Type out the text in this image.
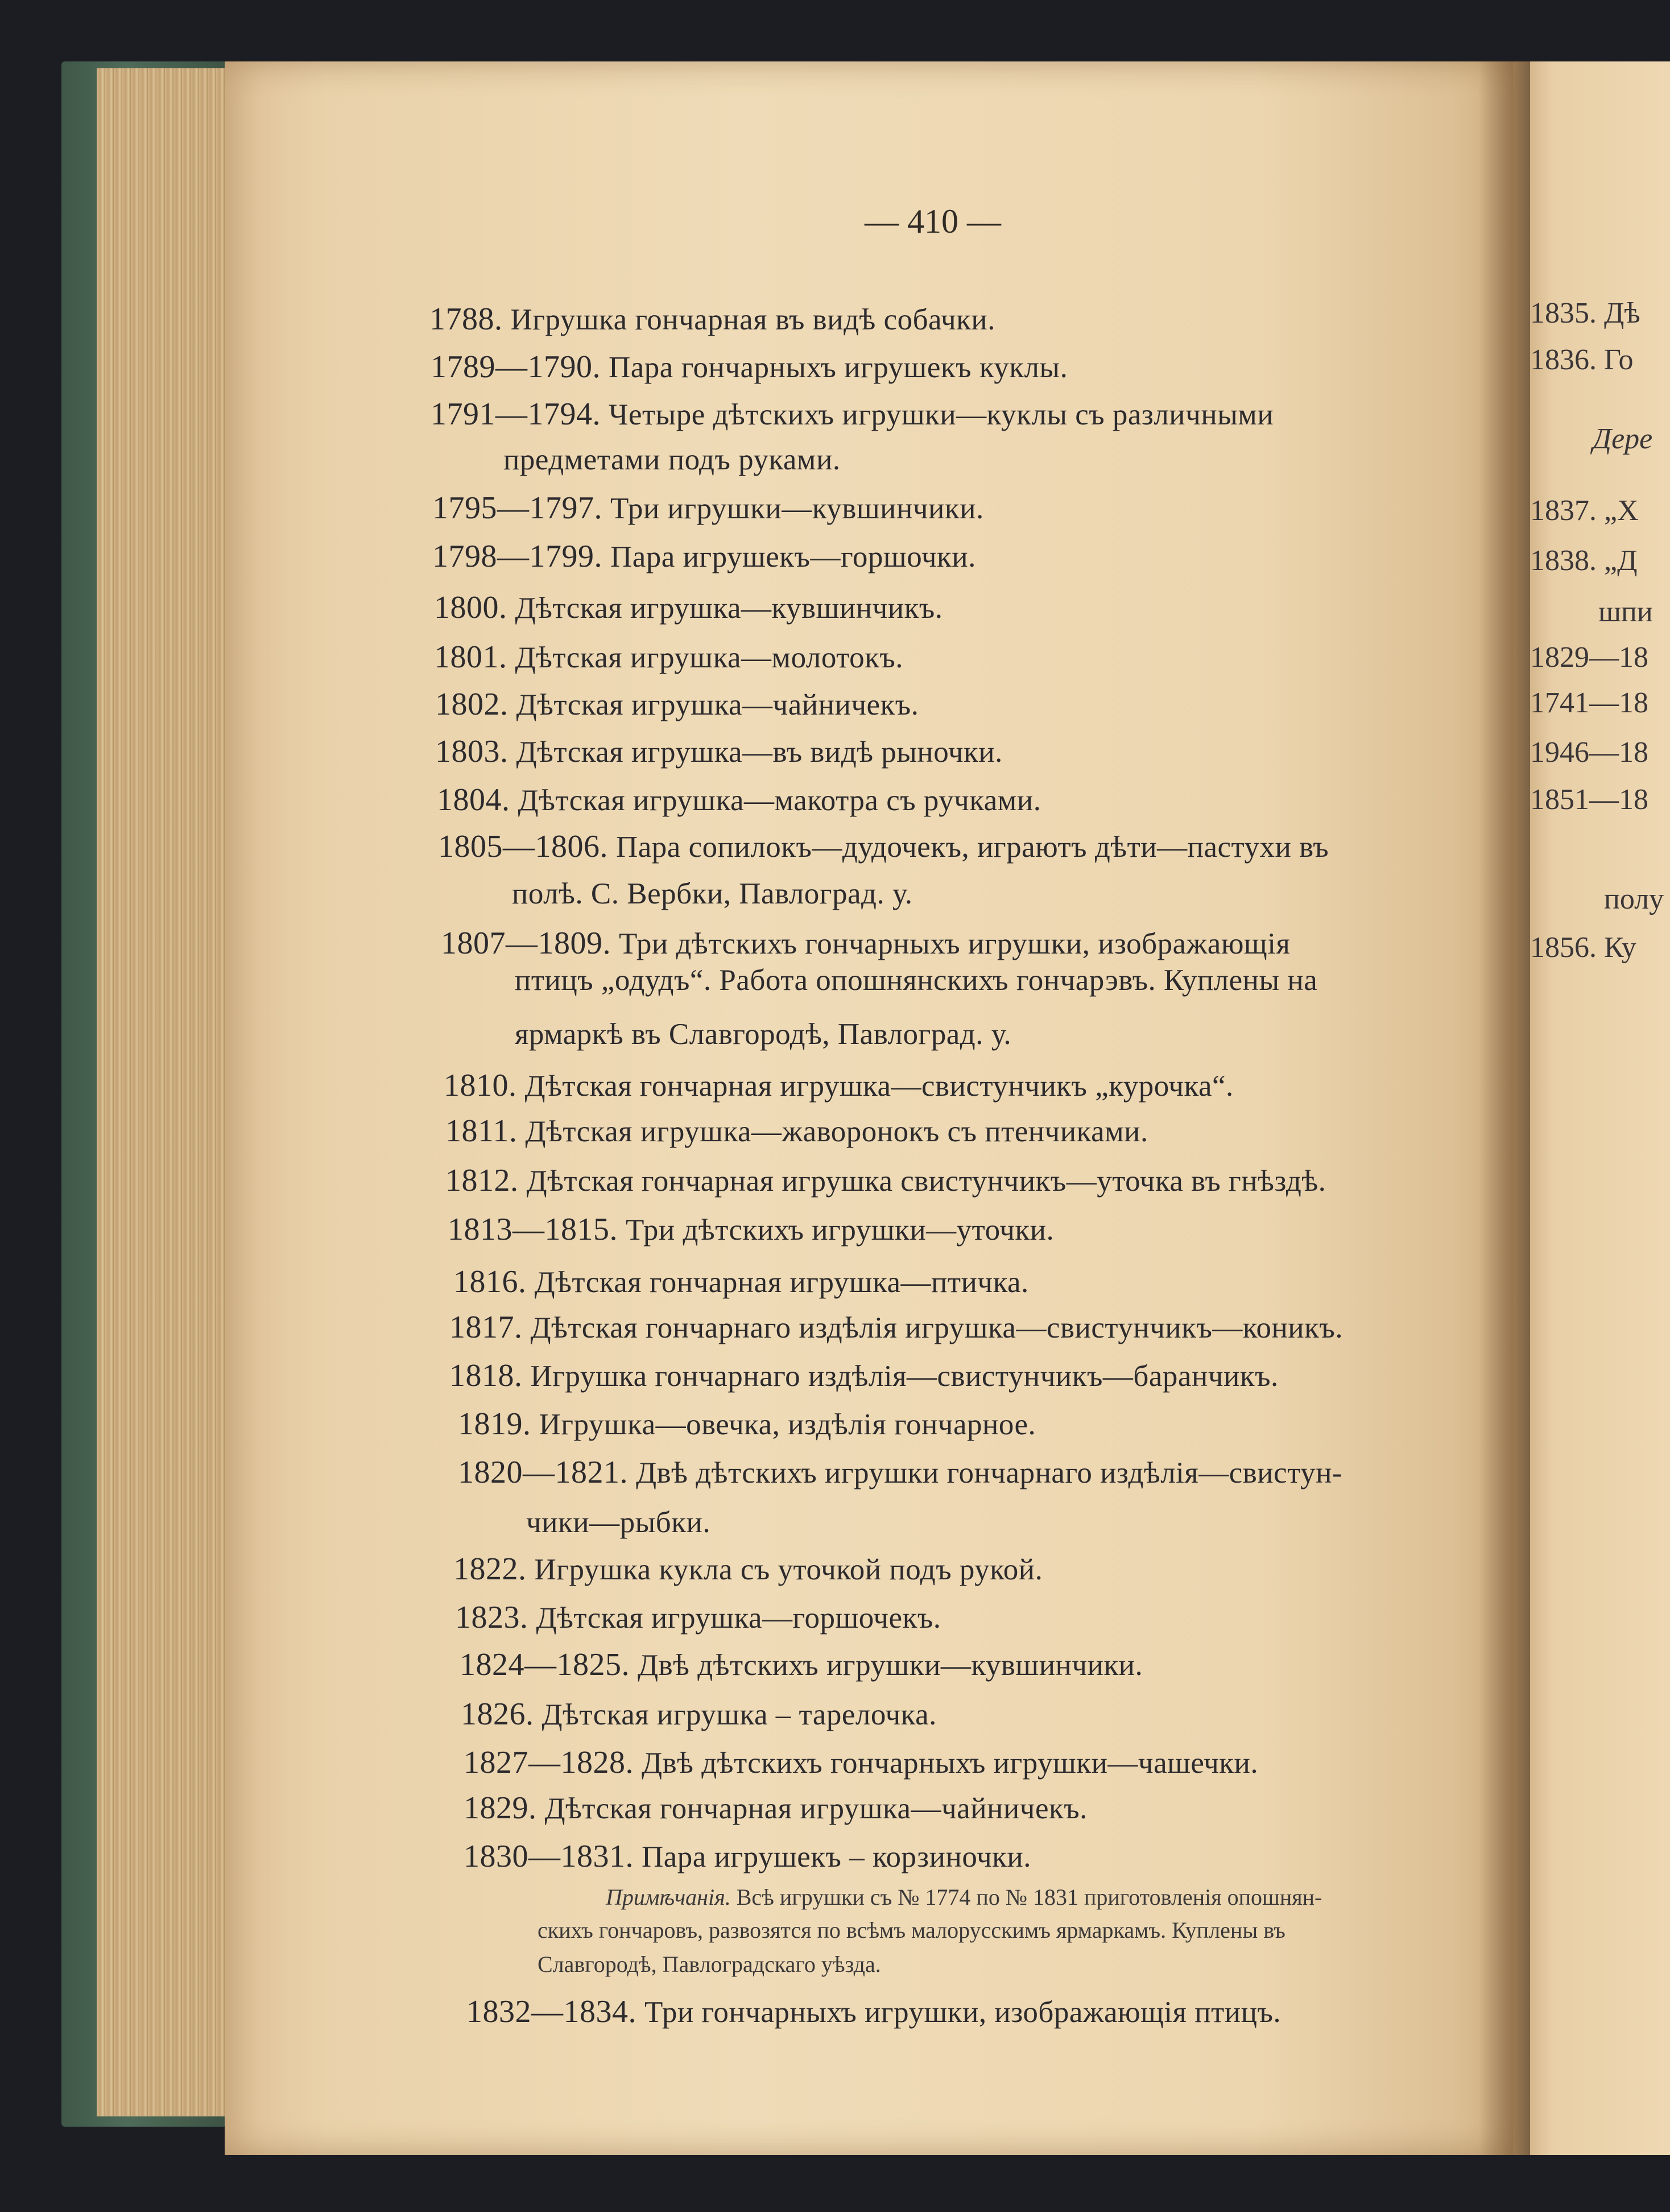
— 410 —
1788. Игрушка гончарная въ видѣ собачки.
1789—1790. Пара гончарныхъ игрушекъ куклы.
1791—1794. Четыре дѣтскихъ игрушки—куклы съ различными
предметами подъ руками.
1795—1797. Три игрушки—кувшинчики.
1798—1799. Пара игрушекъ—горшочки.
1800. Дѣтская игрушка—кувшинчикъ.
1801. Дѣтская игрушка—молотокъ.
1802. Дѣтская игрушка—чайничекъ.
1803. Дѣтская игрушка—въ видѣ рыночки.
1804. Дѣтская игрушка—макотра съ ручками.
1805—1806. Пара сопилокъ—дудочекъ, играютъ дѣти—пастухи въ
полѣ. С. Вербки, Павлоград. у.
1807—1809. Три дѣтскихъ гончарныхъ игрушки, изображающія
птицъ „одудъ“. Работа опошнянскихъ гончарэвъ. Куплены на
ярмаркѣ въ Славгородѣ, Павлоград. у.
1810. Дѣтская гончарная игрушка—свистунчикъ „курочка“.
1811. Дѣтская игрушка—жаворонокъ съ птенчиками.
1812. Дѣтская гончарная игрушка свистунчикъ—уточка въ гнѣздѣ.
1813—1815. Три дѣтскихъ игрушки—уточки.
1816. Дѣтская гончарная игрушка—птичка.
1817. Дѣтская гончарнаго издѣлія игрушка—свистунчикъ—коникъ.
1818. Игрушка гончарнаго издѣлія—свистунчикъ—баранчикъ.
1819. Игрушка—овечка, издѣлія гончарное.
1820—1821. Двѣ дѣтскихъ игрушки гончарнаго издѣлія—свистун-
чики—рыбки.
1822. Игрушка кукла съ уточкой подъ рукой.
1823. Дѣтская игрушка—горшочекъ.
1824—1825. Двѣ дѣтскихъ игрушки—кувшинчики.
1826. Дѣтская игрушка – тарелочка.
1827—1828. Двѣ дѣтскихъ гончарныхъ игрушки—чашечки.
1829. Дѣтская гончарная игрушка—чайничекъ.
1830—1831. Пара игрушекъ – корзиночки.
Примѣчанія. Всѣ игрушки съ № 1774 по № 1831 приготовленія опошнян-
скихъ гончаровъ, развозятся по всѣмъ малорусскимъ ярмаркамъ. Куплены въ
Славгородѣ, Павлоградскаго уѣзда.
1832—1834. Три гончарныхъ игрушки, изображающія птицъ.
1835. Дѣ
1836. Го
Дере
1837. „Х
1838. „Д
шпи
1829—18
1741—18
1946—18
1851—18
полу
1856. Ку
